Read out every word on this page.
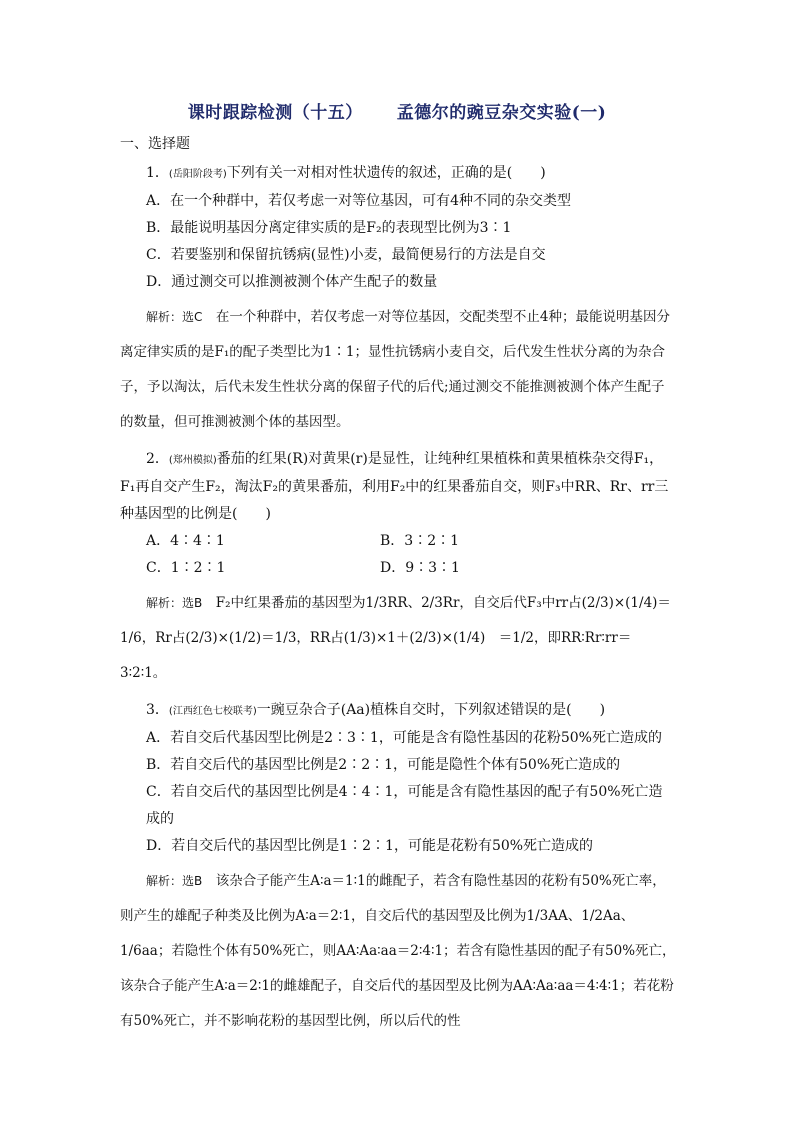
课时跟踪检测（十五） 孟德尔的豌豆杂交实验(一)
一、选择题
1．(岳阳阶段考)下列有关一对相对性状遗传的叙述，正确的是(　　)
A．在一个种群中，若仅考虑一对等位基因，可有4种不同的杂交类型
B．最能说明基因分离定律实质的是F₂的表现型比例为3∶1
C．若要鉴别和保留抗锈病(显性)小麦，最简便易行的方法是自交
D．通过测交可以推测被测个体产生配子的数量
解析：选C　在一个种群中，若仅考虑一对等位基因，交配类型不止4种；最能说明基因分离定律实质的是F₁的配子类型比为1∶1；显性抗锈病小麦自交，后代发生性状分离的为杂合子，予以淘汰，后代未发生性状分离的保留子代的后代;通过测交不能推测被测个体产生配子的数量，但可推测被测个体的基因型。
2．(郑州模拟)番茄的红果(R)对黄果(r)是显性，让纯种红果植株和黄果植株杂交得F₁，F₁再自交产生F₂，淘汰F₂的黄果番茄，利用F₂中的红果番茄自交，则F₃中RR、Rr、rr三种基因型的比例是(　　)
A．4∶4∶1	B．3∶2∶1
C．1∶2∶1	D．9∶3∶1
解析：选B　F₂中红果番茄的基因型为1/3RR、2/3Rr，自交后代F₃中rr占(2/3)×(1/4)＝1/6，Rr占(2/3)×(1/2)＝1/3，RR占(1/3)×1＋(2/3)×(1/4)　＝1/2，即RR∶Rr∶rr＝3∶2∶1。
3．(江西红色七校联考)一豌豆杂合子(Aa)植株自交时，下列叙述错误的是(　　)
A．若自交后代基因型比例是2∶3∶1，可能是含有隐性基因的花粉50%死亡造成的
B．若自交后代的基因型比例是2∶2∶1，可能是隐性个体有50%死亡造成的
C．若自交后代的基因型比例是4∶4∶1，可能是含有隐性基因的配子有50%死亡造成的
D．若自交后代的基因型比例是1∶2∶1，可能是花粉有50%死亡造成的
解析：选B　该杂合子能产生A∶a＝1∶1的雌配子，若含有隐性基因的花粉有50%死亡率，则产生的雄配子种类及比例为A∶a＝2∶1，自交后代的基因型及比例为1/3AA、1/2Aa、1/6aa；若隐性个体有50%死亡，则AA∶Aa∶aa＝2∶4∶1；若含有隐性基因的配子有50%死亡，该杂合子能产生A∶a＝2∶1的雌雄配子，自交后代的基因型及比例为AA∶Aa∶aa＝4∶4∶1；若花粉有50%死亡，并不影响花粉的基因型比例，所以后代的性
